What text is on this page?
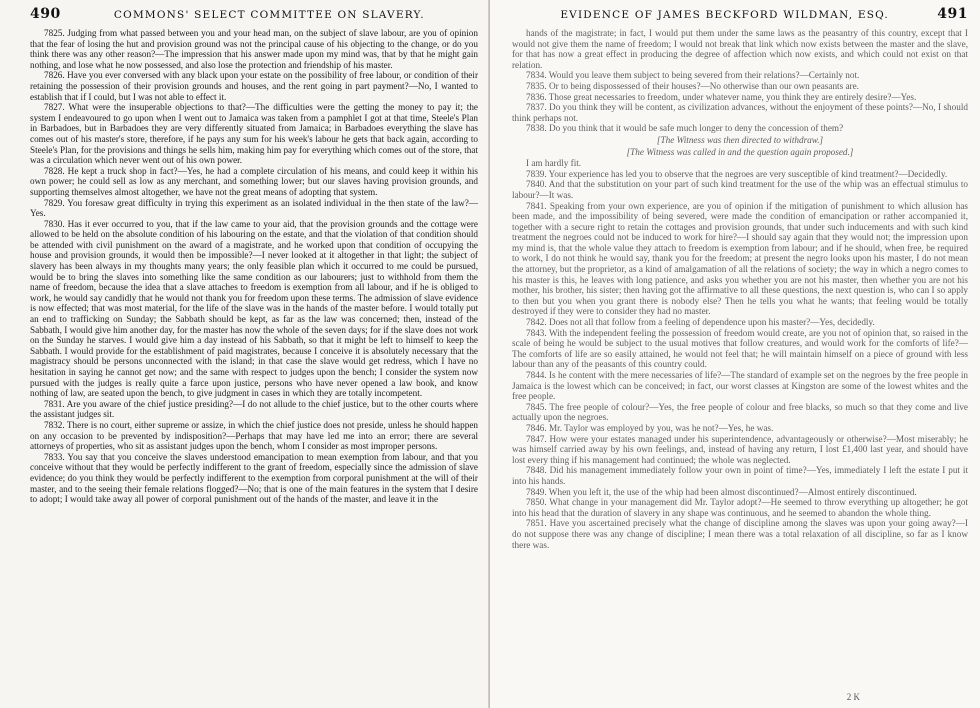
490	COMMONS' SELECT COMMITTEE ON SLAVERY.

7825. Judging from what passed between you and your head man, on the subject of slave labour, are you of opinion that the fear of losing the hut and provision ground was not the principal cause of his objecting to the change, or do you think there was any other reason?—The impression that his answer made upon my mind was, that by that he might gain nothing, and lose what he now possessed, and also lose the protection and friendship of his master.

7826. Have you ever conversed with any black upon your estate on the possibility of free labour, or condition of their retaining the possession of their provision grounds and houses, and the rent going in part payment?—No, I wanted to establish that if I could, but I was not able to effect it.

7827. What were the insuperable objections to that?—The difficulties were the getting the money to pay it; the system I endeavoured to go upon when I went out to Jamaica was taken from a pamphlet I got at that time, Steele's Plan in Barbadoes, but in Barbadoes they are very differently situated from Jamaica; in Barbadoes everything the slave has comes out of his master's store, therefore, if he pays any sum for his week's labour he gets that back again, according to Steele's Plan, for the provisions and things he sells him, making him pay for everything which comes out of the store, that was a circulation which never went out of his own power.

7828. He kept a truck shop in fact?—Yes, he had a complete circulation of his means, and could keep it within his own power; he could sell as low as any merchant, and something lower; but our slaves having provision grounds, and supporting themselves almost altogether, we have not the great means of adopting that system.

7829. You foresaw great difficulty in trying this experiment as an isolated individual in the then state of the law?—Yes.

7830. Has it ever occurred to you, that if the law came to your aid, that the provision grounds and the cottage were allowed to be held on the absolute condition of his labouring on the estate, and that the violation of that condition should be attended with civil punishment on the award of a magistrate, and he worked upon that condition of occupying the house and provision grounds, it would then be impossible?—I never looked at it altogether in that light; the subject of slavery has been always in my thoughts many years; the only feasible plan which it occurred to me could be pursued, would be to bring the slaves into something like the same condition as our labourers; just to withhold from them the name of freedom, because the idea that a slave attaches to freedom is exemption from all labour, and if he is obliged to work, he would say candidly that he would not thank you for freedom upon these terms. The admission of slave evidence is now effected; that was most material, for the life of the slave was in the hands of the master before. I would totally put an end to trafficking on Sunday; the Sabbath should be kept, as far as the law was concerned; then, instead of the Sabbath, I would give him another day, for the master has now the whole of the seven days; for if the slave does not work on the Sunday he starves. I would give him a day instead of his Sabbath, so that it might be left to himself to keep the Sabbath. I would provide for the establishment of paid magistrates, because I conceive it is absolutely necessary that the magistracy should be persons unconnected with the island; in that case the slave would get redress, which I have no hesitation in saying he cannot get now; and the same with respect to judges upon the bench; I consider the system now pursued with the judges is really quite a farce upon justice, persons who have never opened a law book, and know nothing of law, are seated upon the bench, to give judgment in cases in which they are totally incompetent.

7831. Are you aware of the chief justice presiding?—I do not allude to the chief justice, but to the other courts where the assistant judges sit.

7832. There is no court, either supreme or assize, in which the chief justice does not preside, unless he should happen on any occasion to be prevented by indisposition?—Perhaps that may have led me into an error; there are several attorneys of properties, who sit as assistant judges upon the bench, whom I consider as most improper persons.

7833. You say that you conceive the slaves understood emancipation to mean exemption from labour, and that you conceive without that they would be perfectly indifferent to the grant of freedom, especially since the admission of slave evidence; do you think they would be perfectly indifferent to the exemption from corporal punishment at the will of their master, and to the seeing their female relations flogged?—No; that is one of the main features in the system that I desire to adopt; I would take away all power of corporal punishment out of the hands of the master, and leave it in the

EVIDENCE OF JAMES BECKFORD WILDMAN, ESQ.	491

hands of the magistrate; in fact, I would put them under the same laws as the peasantry of this country, except that I would not give them the name of freedom; I would not break that link which now exists between the master and the slave, for that has now a great effect in producing the degree of affection which now exists, and which could not exist on that relation.

7834. Would you leave them subject to being severed from their relations?—Certainly not.

7835. Or to being dispossessed of their houses?—No otherwise than our own peasants are.

7836. Those great necessaries to freedom, under whatever name, you think they are entirely desire?—Yes.

7837. Do you think they will be content, as civilization advances, without the enjoyment of these points?—No, I should think perhaps not.

7838. Do you think that it would be safe much longer to deny the concession of them?

[The Witness was then directed to withdraw.]

[The Witness was called in and the question again proposed.]

I am hardly fit.

7839. Your experience has led you to observe that the negroes are very susceptible of kind treatment?—Decidedly.

7840. And that the substitution on your part of such kind treatment for the use of the whip was an effectual stimulus to labour?—It was.

7841. Speaking from your own experience, are you of opinion if the mitigation of punishment to which allusion has been made, and the impossibility of being severed, were made the condition of emancipation or rather accompanied it, together with a secure right to retain the cottages and provision grounds, that under such inducements and with such kind treatment the negroes could not be induced to work for hire?—I should say again that they would not; the impression upon my mind is, that the whole value they attach to freedom is exemption from labour; and if he should, when free, be required to work, I do not think he would say, thank you for the freedom; at present the negro looks upon his master, I do not mean the attorney, but the proprietor, as a kind of amalgamation of all the relations of society; the way in which a negro comes to his master is this, he leaves with long patience, and asks you whether you are not his master, then whether you are not his mother, his brother, his sister; then having got the affirmative to all these questions, the next question is, who can I so apply to then but you when you grant there is nobody else? Then he tells you what he wants; that feeling would be totally destroyed if they were to consider they had no master.

7842. Does not all that follow from a feeling of dependence upon his master?—Yes, decidedly.

7843. With the independent feeling the possession of freedom would create, are you not of opinion that, so raised in the scale of being he would be subject to the usual motives that follow creatures, and would work for the comforts of life?—The comforts of life are so easily attained, he would not feel that; he will maintain himself on a piece of ground with less labour than any of the peasants of this country could.

7844. Is he content with the mere necessaries of life?—The standard of example set on the negroes by the free people in Jamaica is the lowest which can be conceived; in fact, our worst classes at Kingston are some of the lowest whites and the free people.

7845. The free people of colour?—Yes, the free people of colour and free blacks, so much so that they come and live actually upon the negroes.

7846. Mr. Taylor was employed by you, was he not?—Yes, he was.

7847. How were your estates managed under his superintendence, advantageously or otherwise?—Most miserably; he was himself carried away by his own feelings, and, instead of having any return, I lost £1,400 last year, and should have lost every thing if his management had continued; the whole was neglected.

7848. Did his management immediately follow your own in point of time?—Yes, immediately I left the estate I put it into his hands.

7849. When you left it, the use of the whip had been almost discontinued?—Almost entirely discontinued.

7850. What change in your management did Mr. Taylor adopt?—He seemed to throw everything up altogether; he got into his head that the duration of slavery in any shape was continuous, and he seemed to abandon the whole thing.

7851. Have you ascertained precisely what the change of discipline among the slaves was upon your going away?—I do not suppose there was any change of discipline; I mean there was a total relaxation of all discipline, so far as I know there was.

2 K
